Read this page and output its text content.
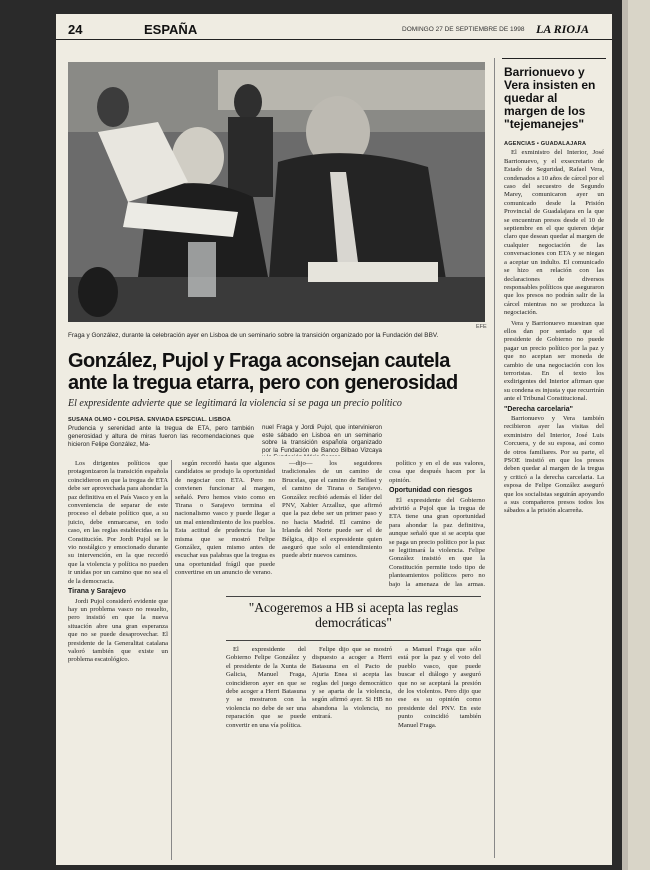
24	ESPAÑA	DOMINGO 27 DE SEPTIEMBRE DE 1998 LA RIOJA
EFE
Fraga y González, durante la celebración ayer en Lisboa de un seminario sobre la transición organizado por la Fundación del BBV.
González, Pujol y Fraga aconsejan cautela ante la tregua etarra, pero con generosidad
El expresidente advierte que se legitimará la violencia si se paga un precio político
SUSANA OLMO • COLPISA. ENVIADA ESPECIAL. LISBOA
Prudencia y serenidad ante la tregua de ETA, pero también generosidad y altura de miras fueron las recomendaciones que hicieron Felipe González, Ma-
nuel Fraga y Jordi Pujol, que intervinieron este sábado en Lisboa en un seminario sobre la transición española organizado por la Fundación de Banco Bilbao Vizcaya

Los dirigentes políticos que protagonizaron la transición española coincidieron en que la tregua de ETA debe ser aprovechada para ahondar la paz definitiva en el País Vasco y en la conveniencia de separar de este proceso el debate político que, a su juicio, debe enmarcarse, en todo caso, en las reglas establecidas en la Constitución. Por Jordi Pujol se le vio nostálgico y emocionado durante su intervención, en la que recordó que la violencia y política no pueden ir unidas por un camino que no sea el de la democracia.

Tirana y Sarajevo

Jordi Pujol consideró evidente que hay un problema vasco no resuelto, pero insistió en que la nueva situación abre una gran esperanza que no se puede desaprovechar. El presidente de la Generalitat catalana valoró también que existe un problema escatológico.

según recordó hasta que algunos candidatos se produjo la oportunidad de negociar con ETA. Pero no convienen funcionar al margen, señaló. Pero hemos visto como en Tirana o Sarajevo termina el nacionalismo vasco y puede llegar a un mal entendimiento de los pueblos. Esta actitud de prudencia fue la misma que se mostró Felipe González, quien mismo antes de escuchar sus palabras que la tregua es una oportunidad frágil que puede convertirse en un anuncio de verano.

—dijo— los seguidores tradicionales de un camino de Brucelas, que el camino de Belfast y el camino de Tirana o Sarajevo. González recibió además el líder del PNV, Xabier Arzalluz, que afirmó que la paz debe ser un primer paso y no hacia Madrid. El camino de Irlanda del Norte puede ser el de Bélgica, dijo el expresidente quien aseguró que solo el entendimiento puede abrir nuevos caminos.

"Acogeremos a HB si acepta las reglas democráticas"

El expresidente del Gobierno Felipe González y el presidente de la Xunta de Galicia, Manuel Fraga, coincidieron ayer en que se debe acoger a Herri Batasuna y se mostraron con la violencia no debe de ser una reparación que se puede convertir en una vía política.

Felipe dijo que se mostró dispuesto a acoger a Herri Batasuna en el Pacto de Ajuria Enea si acepta las reglas del juego democrático y se aparta de la violencia, según afirmó ayer. Si HB no abandona la violencia, no entrará.

a Manuel Fraga que sólo está por la paz y el voto del pueblo vasco, que puede buscar el diálogo y aseguró que no se aceptará la presión de los violentos. Pero dijo que ese es su opinión como presidente del PNV. En este punto coincidió también Manuel Fraga.

político y en el de sus valores, cosa que después hacen por la opinión.

Oportunidad con riesgos

El expresidente del Gobierno advirtió a Pujol que la tregua de ETA tiene una gran oportunidad para ahondar la paz definitiva, aunque señaló que si se acepta que se paga un precio político por la paz se legitimará la violencia. Felipe González insistió en que la Constitución permite todo tipo de planteamientos políticos pero no bajo la amenaza de las armas.

Barrionuevo y Vera insisten en quedar al margen de los "tejemanejes"
AGENCIAS • GUADALAJARA

El exministro del Interior, José Barrionuevo, y el exsecretario de Estado de Seguridad, Rafael Vera, condenados a 10 años de cárcel por el caso del secuestro de Segundo Marey, comunicaron ayer un comunicado desde la Prisión Provincial de Guadalajara en la que se encuentran presos desde el 10 de septiembre en el que quieren dejar claro que desean quedar al margen de cualquier negociación de las conversaciones con ETA y se niegan a aceptar un indulto. El comunicado se hizo en relación con las declaraciones de diversos responsables políticos que aseguraron que los presos no podrán salir de la cárcel mientras no se produzca la negociación.

Vera y Barrionuevo muestran que ellos dan por sentado que el presidente de Gobierno no puede pagar un precio político por la paz y que no aceptan ser moneda de cambio de una negociación con los terroristas. En el texto los exdirigentes del Interior afirman que su condena es injusta y que recurrirán ante el Tribunal Constitucional.

"Derecha carcelaria"

Barrionuevo y Vera también recibieron ayer las visitas del exministro del Interior, José Luis Corcuera, y de su esposa, así como de otros familiares. Por su parte, el PSOE insistió en que los presos deben quedar al margen de la tregua y criticó a la derecha carcelaria. La esposa de Felipe González aseguró que los socialistas seguirán apoyando a sus compañeros presos todos los sábados a la prisión alcarreña.
